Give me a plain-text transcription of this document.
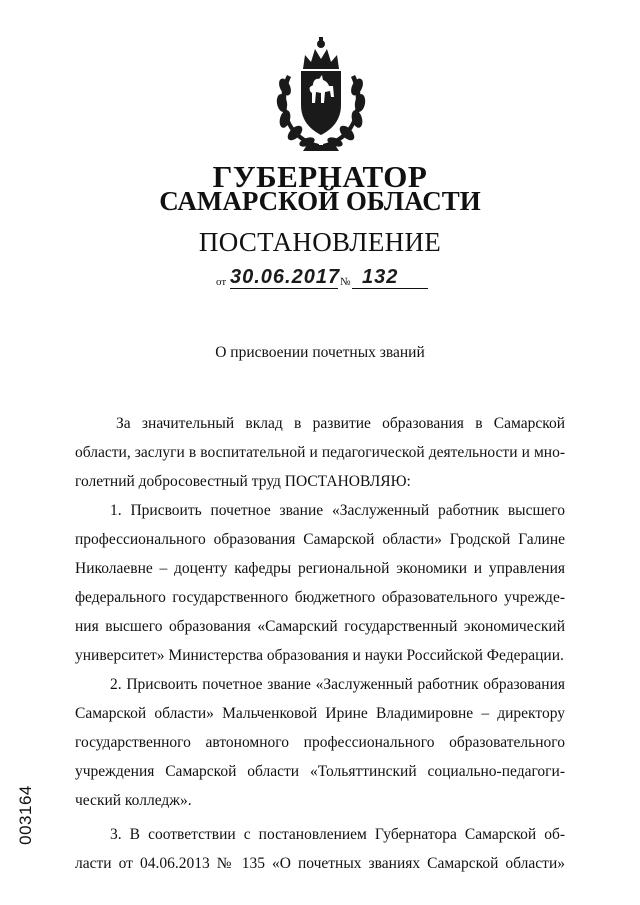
ГУБЕРНАТОР
САМАРСКОЙ ОБЛАСТИ
ПОСТАНОВЛЕНИЕ
от 30.06.2017 № 132
О присвоении почетных званий
За значительный вклад в развитие образования в Самарской
области, заслуги в воспитательной и педагогической деятельности и мно-
голетний добросовестный труд ПОСТАНОВЛЯЮ:
1. Присвоить почетное звание «Заслуженный работник высшего
профессионального образования Самарской области» Гродской Галине
Николаевне – доценту кафедры региональной экономики и управления
федерального государственного бюджетного образовательного учрежде-
ния высшего образования «Самарский государственный экономический
университет» Министерства образования и науки Российской Федерации.
2. Присвоить почетное звание «Заслуженный работник образования
Самарской области» Мальченковой Ирине Владимировне – директору
государственного автономного профессионального образовательного
учреждения Самарской области «Тольяттинский социально-педагоги-
ческий колледж».
3. В соответствии с постановлением Губернатора Самарской об-
ласти от 04.06.2013 № 135 «О почетных званиях Самарской области»
003164
